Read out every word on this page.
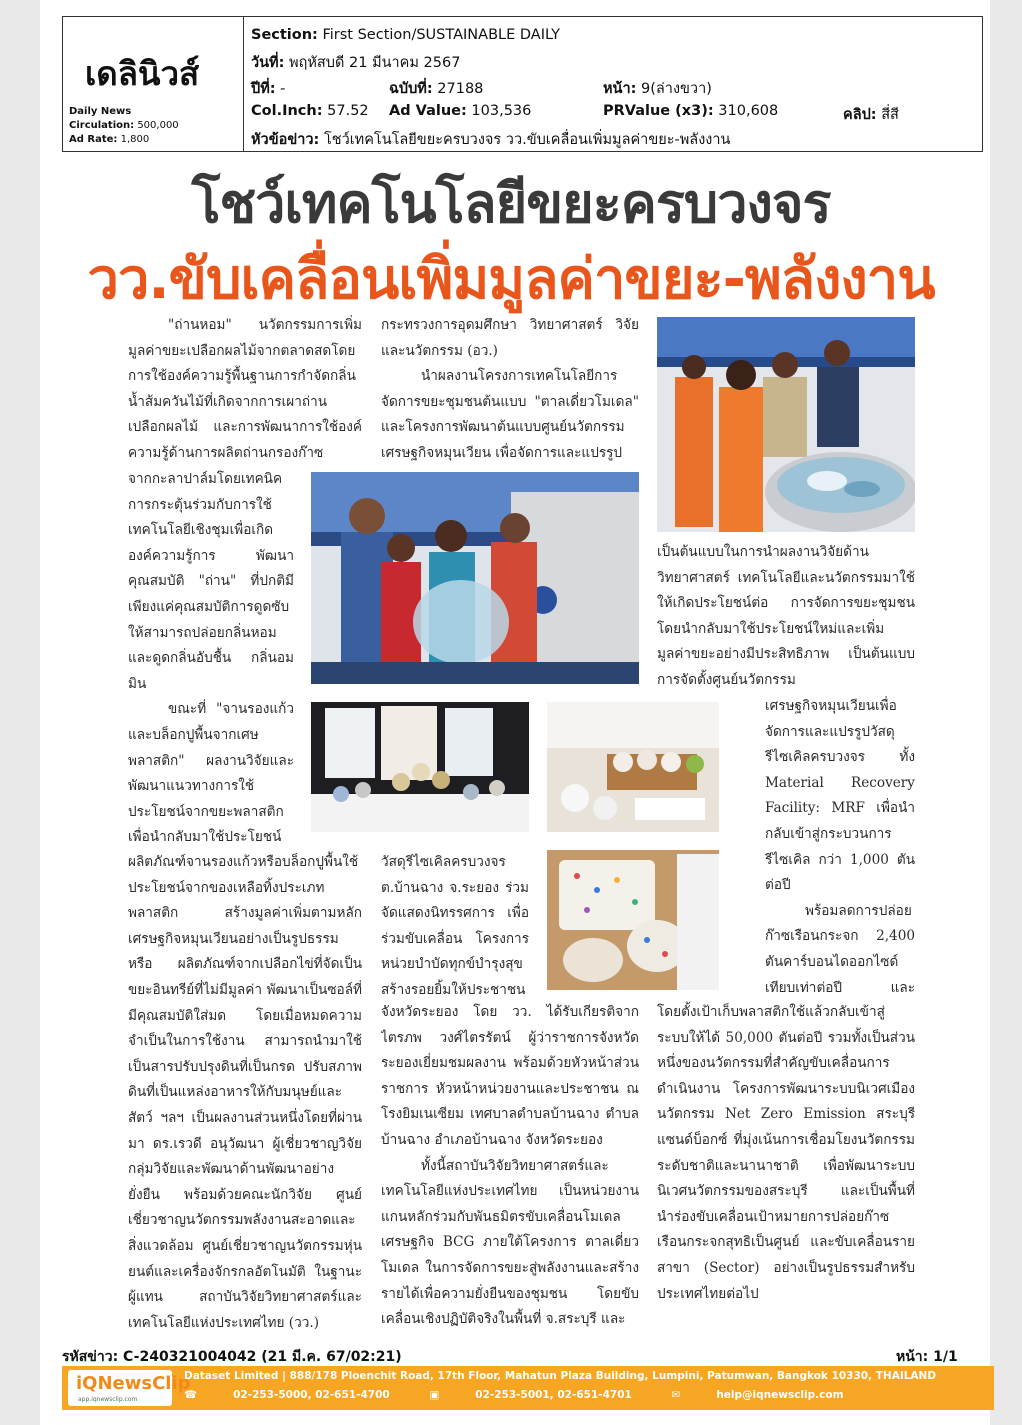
เดลินิวส์
Daily News
Circulation: 500,000
Ad Rate: 1,800
Section: First Section/SUSTAINABLE DAILY
วันที่: พฤหัสบดี 21 มีนาคม 2567
ปีที่: -	ฉบับที่: 27188	หน้า: 9(ล่างขวา)
Col.Inch: 57.52 Ad Value: 103,536	PRValue (x3): 310,608	คลิป: สี่สี
หัวข้อข่าว: โชว์เทคโนโลยีขยะครบวงจร วว.ขับเคลื่อนเพิ่มมูลค่าขยะ-พลังงาน
โชว์เทคโนโลยีขยะครบวงจร
วว.ขับเคลื่อนเพิ่มมูลค่าขยะ-พลังงาน

"ถ่านหอม" นวัตกรรมการเพิ่มมูลค่าขยะเปลือกผลไม้จากตลาดสดโดยการใช้องค์ความรู้พื้นฐานการกำจัดกลิ่นน้ำส้มควันไม้ที่เกิดจากการเผาถ่านเปลือกผลไม้ และการพัฒนาการใช้องค์ความรู้ด้านการผลิตถ่านกรองก๊าซ

จากกะลาปาล์มโดยเทคนิคการกระตุ้นร่วมกับการใช้เทคโนโลยีเชิงชุมเพื่อเกิดองค์ความรู้การ พัฒนาคุณสมบัติ "ถ่าน" ที่ปกติมีเพียงแค่คุณสมบัติการดูดซับให้สามารถปล่อยกลิ่นหอมและดูดกลิ่นอับชื้น กลิ่นอมมิน

ขณะที่ "จานรองแก้วและบล็อกปูพื้นจากเศษพลาสติก" ผลงานวิจัยและพัฒนาแนวทางการใช้ประโยชน์จากขยะพลาสติกเพื่อนำกลับมาใช้ประโยชน์

ผลิตภัณฑ์จานรองแก้วหรือบล็อกปูพื้นใช้ประโยชน์จากของเหลือทิ้งประเภทพลาสติก สร้างมูลค่าเพิ่มตามหลักเศรษฐกิจหมุนเวียนอย่างเป็นรูปธรรม หรือ ผลิตภัณฑ์จากเปลือกไข่ที่จัดเป็นขยะอินทรีย์ที่ไม่มีมูลค่า พัฒนาเป็นซอล์ที่มีคุณสมบัติใส่มด โดยเมื่อหมดความจำเป็นในการใช้งาน สามารถนำมาใช้เป็นสารปรับปรุงดินที่เป็นกรด ปรับสภาพดินที่เป็นแหล่งอาหารให้กับมนุษย์และสัตว์ ฯลฯ เป็นผลงานส่วนหนึ่งโดยที่ผ่านมา ดร.เรวดี อนุวัฒนา ผู้เชี่ยวชาญวิจัยกลุ่มวิจัยและพัฒนาด้านพัฒนาอย่างยั่งยืน พร้อมด้วยคณะนักวิจัย ศูนย์เชี่ยวชาญนวัตกรรมพลังงานสะอาดและสิ่งแวดล้อม ศูนย์เชี่ยวชาญนวัตกรรมหุ่นยนต์และเครื่องจักรกลอัตโนมัติ ในฐานะผู้แทน สถาบันวิจัยวิทยาศาสตร์และเทคโนโลยีแห่งประเทศไทย (วว.)

กระทรวงการอุดมศึกษา วิทยาศาสตร์ วิจัย และนวัตกรรม (อว.)

นำผลงานโครงการเทคโนโลยีการจัดการขยะชุมชนต้นแบบ "ตาลเดี่ยวโมเดล" และโครงการพัฒนาต้นแบบศูนย์นวัตกรรมเศรษฐกิจหมุนเวียน เพื่อจัดการและแปรรูป

วัสดุรีไซเคิลครบวงจร ต.บ้านฉาง จ.ระยอง ร่วมจัดแสดงนิทรรศการ เพื่อร่วมขับเคลื่อน โครงการหน่วยบำบัดทุกข์บำรุงสุข สร้างรอยยิ้มให้ประชาชน

จังหวัดระยอง โดย วว. ได้รับเกียรติจาก ไตรภพ วงศ์ไตรรัตน์ ผู้ว่าราชการจังหวัดระยองเยี่ยมชมผลงาน พร้อมด้วยหัวหน้าส่วนราชการ หัวหน้าหน่วยงานและประชาชน ณ โรงยิมเนเซียม เทศบาลตำบลบ้านฉาง ตำบลบ้านฉาง อำเภอบ้านฉาง จังหวัดระยอง

ทั้งนี้สถาบันวิจัยวิทยาศาสตร์และเทคโนโลยีแห่งประเทศไทย เป็นหน่วยงานแกนหลักร่วมกับพันธมิตรขับเคลื่อนโมเดลเศรษฐกิจ BCG ภายใต้โครงการ ตาลเดี่ยวโมเดล ในการจัดการขยะสู่พลังงานและสร้างรายได้เพื่อความยั่งยืนของชุมชน โดยขับเคลื่อนเชิงปฏิบัติจริงในพื้นที่ จ.สระบุรี และ

เป็นต้นแบบในการนำผลงานวิจัยด้านวิทยาศาสตร์ เทคโนโลยีและนวัตกรรมมาใช้ให้เกิดประโยชน์ต่อ การจัดการขยะชุมชน โดยนำกลับมาใช้ประโยชน์ใหม่และเพิ่มมูลค่าขยะอย่างมีประสิทธิภาพ เป็นต้นแบบการจัดตั้งศูนย์นวัตกรรม

เศรษฐกิจหมุนเวียนเพื่อจัดการและแปรรูปวัสดุรีไซเคิลครบวงจร ทั้ง Material Recovery Facility: MRF เพื่อนำกลับเข้าสู่กระบวนการรีไซเคิล กว่า 1,000 ตันต่อปี

พร้อมลดการปล่อยก๊าซเรือนกระจก 2,400 ตันคาร์บอนไดออกไซด์เทียบเท่าต่อปี และ

โดยตั้งเป้าเก็บพลาสติกใช้แล้วกลับเข้าสู่ระบบให้ได้ 50,000 ตันต่อปี รวมทั้งเป็นส่วนหนึ่งของนวัตกรรมที่สำคัญขับเคลื่อนการดำเนินงาน โครงการพัฒนาระบบนิเวศเมืองนวัตกรรม Net Zero Emission สระบุรีแซนด์บ็อกซ์ ที่มุ่งเน้นการเชื่อมโยงนวัตกรรมระดับชาติและนานาชาติ เพื่อพัฒนาระบบนิเวศนวัตกรรมของสระบุรี และเป็นพื้นที่นำร่องขับเคลื่อนเป้าหมายการปล่อยก๊าซเรือนกระจกสุทธิเป็นศูนย์ และขับเคลื่อนรายสาขา (Sector) อย่างเป็นรูปธรรมสำหรับประเทศไทยต่อไป

รหัสข่าว: C-240321004042 (21 มี.ค. 67/02:21)	หน้า: 1/1
iQNewsClip
app.iqnewsclip.com
Dataset Limited | 888/178 Ploenchit Road, 17th Floor, Mahatun Plaza Building, Lumpini, Patumwan, Bangkok 10330, THAILAND
☎	02-253-5000, 02-651-4700	▣	02-253-5001, 02-651-4701	✉	help@iqnewsclip.com
